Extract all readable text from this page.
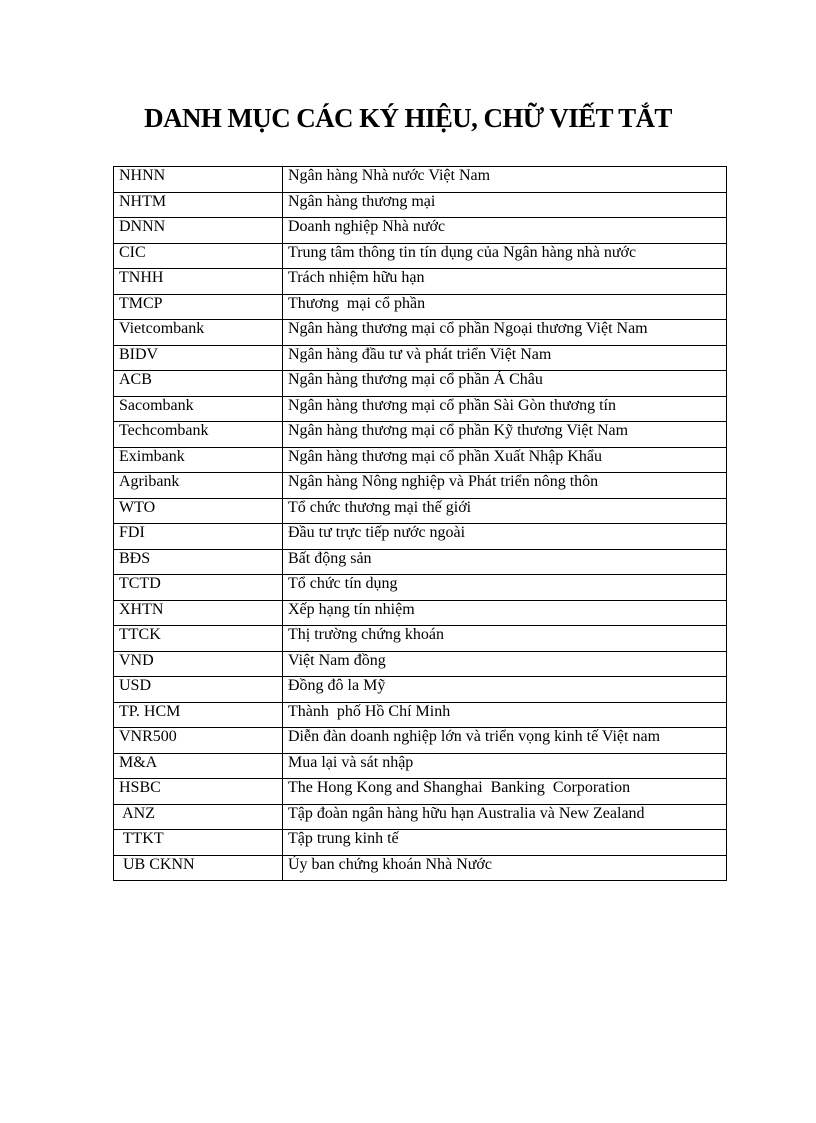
DANH MỤC CÁC KÝ HIỆU, CHỮ VIẾT TẮT
NHNN	Ngân hàng Nhà nước Việt Nam
NHTM	Ngân hàng thương mại
DNNN	Doanh nghiệp Nhà nước
CIC	Trung tâm thông tin tín dụng của Ngân hàng nhà nước
TNHH	Trách nhiệm hữu hạn
TMCP	Thương  mại cổ phần
Vietcombank	Ngân hàng thương mại cổ phần Ngoại thương Việt Nam
BIDV	Ngân hàng đầu tư và phát triển Việt Nam
ACB	Ngân hàng thương mại cổ phần Á Châu
Sacombank	Ngân hàng thương mại cổ phần Sài Gòn thương tín
Techcombank	Ngân hàng thương mại cổ phần Kỹ thương Việt Nam
Eximbank	Ngân hàng thương mại cổ phần Xuất Nhập Khẩu
Agribank	Ngân hàng Nông nghiệp và Phát triển nông thôn
WTO	Tổ chức thương mại thế giới
FDI	Đầu tư trực tiếp nước ngoài
BĐS	Bất động sản
TCTD	Tổ chức tín dụng
XHTN	Xếp hạng tín nhiệm
TTCK	Thị trường chứng khoán
VND	Việt Nam đồng
USD	Đồng đô la Mỹ
TP. HCM	Thành  phố Hồ Chí Minh
VNR500	Diễn đàn doanh nghiệp lớn và triển vọng kinh tế Việt nam
M&A	Mua lại và sát nhập
HSBC	The Hong Kong and Shanghai  Banking  Corporation
ANZ	Tập đoàn ngân hàng hữu hạn Australia và New Zealand
TTKT	Tập trung kinh tế
UB CKNN	Ủy ban chứng khoán Nhà Nước
